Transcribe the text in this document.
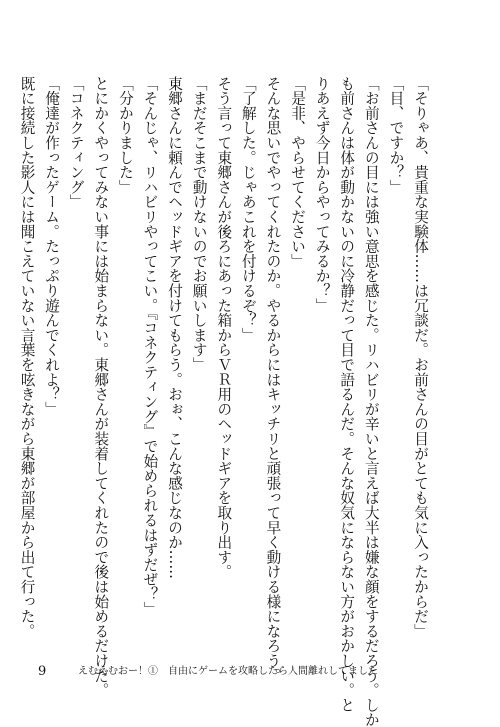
「そりゃあ、貴重な実験体……は冗談だ。お前さんの目がとても気に入ったからだ」
「目、ですか？」
「お前さんの目には強い意思を感じた。リハビリが辛いと言えば大半は嫌な顔をするだろう。しか
も前さんは体が動かないのに冷静だって目で語るんだ。そんな奴気にならない方がおかしい。と
りあえず今日からやってみるか？」
「是非、やらせてください」
そんな思いでやってくれたのか。やるからにはキッチリと頑張って早く動ける様になろう。
「了解した。じゃあこれを付けるぞ？」
そう言って東郷さんが後ろにあった箱からＶＲ用のヘッドギアを取り出す。
「まだそこまで動けないのでお願いします」
東郷さんに頼んでヘッドギアを付けてもらう。おぉ、こんな感じなのか……
「そんじゃ、リハビリやってこい。『コネクティング』で始められるはずだぜ？」
「分かりました」
とにかくやってみない事には始まらない。東郷さんが装着してくれたので後は始めるだけだ。
「コネクティング」
「俺達が作ったゲーム。たっぷり遊んでくれよ？」
既に接続した影人には聞こえていない言葉を呟きながら東郷が部屋から出て行った。
9	えむえむおー！①　自由にゲームを攻略したら人間離れしてました
